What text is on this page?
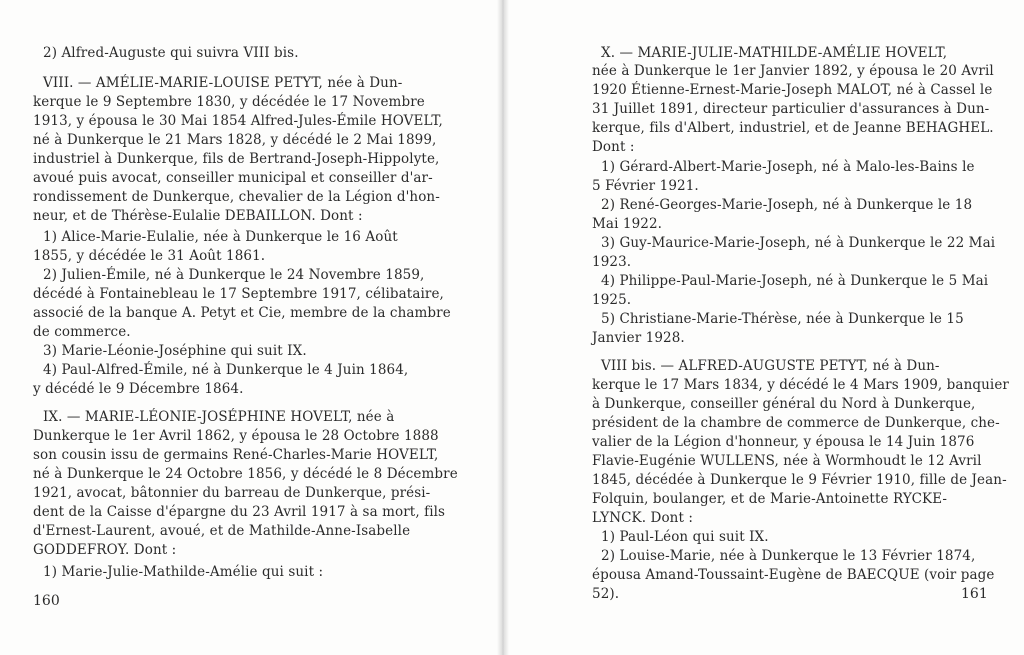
2) Alfred-Auguste qui suivra VIII bis.
VIII. — AMÉLIE-MARIE-LOUISE PETYT, née à Dun-
kerque le 9 Septembre 1830, y décédée le 17 Novembre
1913, y épousa le 30 Mai 1854 Alfred-Jules-Émile HOVELT,
né à Dunkerque le 21 Mars 1828, y décédé le 2 Mai 1899,
industriel à Dunkerque, fils de Bertrand-Joseph-Hippolyte,
avoué puis avocat, conseiller municipal et conseiller d'ar-
rondissement de Dunkerque, chevalier de la Légion d'hon-
neur, et de Thérèse-Eulalie DEBAILLON. Dont :
1) Alice-Marie-Eulalie, née à Dunkerque le 16 Août
1855, y décédée le 31 Août 1861.
2) Julien-Émile, né à Dunkerque le 24 Novembre 1859,
décédé à Fontainebleau le 17 Septembre 1917, célibataire,
associé de la banque A. Petyt et Cie, membre de la chambre
de commerce.
3) Marie-Léonie-Joséphine qui suit IX.
4) Paul-Alfred-Émile, né à Dunkerque le 4 Juin 1864,
y décédé le 9 Décembre 1864.
IX. — MARIE-LÉONIE-JOSÉPHINE HOVELT, née à
Dunkerque le 1er Avril 1862, y épousa le 28 Octobre 1888
son cousin issu de germains René-Charles-Marie HOVELT,
né à Dunkerque le 24 Octobre 1856, y décédé le 8 Décembre
1921, avocat, bâtonnier du barreau de Dunkerque, prési-
dent de la Caisse d'épargne du 23 Avril 1917 à sa mort, fils
d'Ernest-Laurent, avoué, et de Mathilde-Anne-Isabelle
GODDEFROY. Dont :
1) Marie-Julie-Mathilde-Amélie qui suit :
160
X. — MARIE-JULIE-MATHILDE-AMÉLIE HOVELT,
née à Dunkerque le 1er Janvier 1892, y épousa le 20 Avril
1920 Étienne-Ernest-Marie-Joseph MALOT, né à Cassel le
31 Juillet 1891, directeur particulier d'assurances à Dun-
kerque, fils d'Albert, industriel, et de Jeanne BEHAGHEL.
Dont :
1) Gérard-Albert-Marie-Joseph, né à Malo-les-Bains le
5 Février 1921.
2) René-Georges-Marie-Joseph, né à Dunkerque le 18
Mai 1922.
3) Guy-Maurice-Marie-Joseph, né à Dunkerque le 22 Mai
1923.
4) Philippe-Paul-Marie-Joseph, né à Dunkerque le 5 Mai
1925.
5) Christiane-Marie-Thérèse, née à Dunkerque le 15
Janvier 1928.
VIII bis. — ALFRED-AUGUSTE PETYT, né à Dun-
kerque le 17 Mars 1834, y décédé le 4 Mars 1909, banquier
à Dunkerque, conseiller général du Nord à Dunkerque,
président de la chambre de commerce de Dunkerque, che-
valier de la Légion d'honneur, y épousa le 14 Juin 1876
Flavie-Eugénie WULLENS, née à Wormhoudt le 12 Avril
1845, décédée à Dunkerque le 9 Février 1910, fille de Jean-
Folquin, boulanger, et de Marie-Antoinette RYCKE-
LYNCK. Dont :
1) Paul-Léon qui suit IX.
2) Louise-Marie, née à Dunkerque le 13 Février 1874,
épousa Amand-Toussaint-Eugène de BAECQUE (voir page
52).	161
